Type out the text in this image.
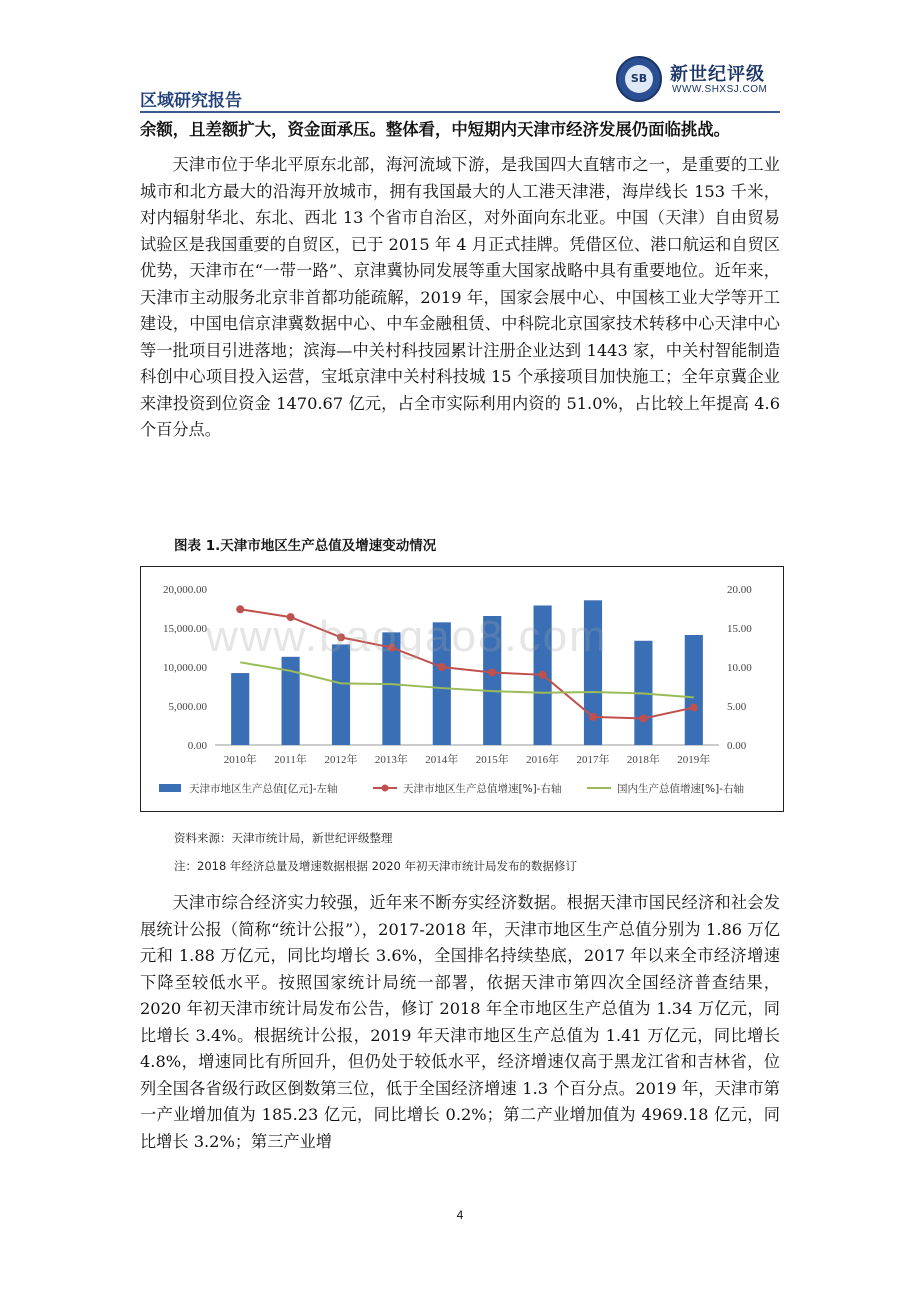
SB	新世纪评级
WWW.SHXSJ.COM
区域研究报告
余额，且差额扩大，资金面承压。整体看，中短期内天津市经济发展仍面临挑战。
天津市位于华北平原东北部，海河流域下游，是我国四大直辖市之一，是重要的工业城市和北方最大的沿海开放城市，拥有我国最大的人工港天津港，海岸线长 153 千米，对内辐射华北、东北、西北 13 个省市自治区，对外面向东北亚。中国（天津）自由贸易试验区是我国重要的自贸区，已于 2015 年 4 月正式挂牌。凭借区位、港口航运和自贸区优势，天津市在“一带一路”、京津冀协同发展等重大国家战略中具有重要地位。近年来，天津市主动服务北京非首都功能疏解，2019 年，国家会展中心、中国核工业大学等开工建设，中国电信京津冀数据中心、中车金融租赁、中科院北京国家技术转移中心天津中心等一批项目引进落地；滨海—中关村科技园累计注册企业达到 1443 家，中关村智能制造科创中心项目投入运营，宝坻京津中关村科技城 15 个承接项目加快施工；全年京冀企业来津投资到位资金 1470.67 亿元，占全市实际利用内资的 51.0%，占比较上年提高 4.6 个百分点。
图表 1.天津市地区生产总值及增速变动情况
0.00
5,000.00
10,000.00
15,000.00
20,000.00
0.00
5.00
10.00
15.00
20.00
2010年 2011年 2012年 2013年 2014年 2015年 2016年 2017年 2018年 2019年
天津市地区生产总值[亿元]-左轴	天津市地区生产总值增速[%]-右轴	国内生产总值增速[%]-右轴
www.baogao8.com
资料来源：天津市统计局，新世纪评级整理
注：2018 年经济总量及增速数据根据 2020 年初天津市统计局发布的数据修订
天津市综合经济实力较强，近年来不断夯实经济数据。根据天津市国民经济和社会发展统计公报（简称“统计公报”），2017-2018 年，天津市地区生产总值分别为 1.86 万亿元和 1.88 万亿元，同比均增长 3.6%，全国排名持续垫底，2017 年以来全市经济增速下降至较低水平。按照国家统计局统一部署，依据天津市第四次全国经济普查结果，2020 年初天津市统计局发布公告，修订 2018 年全市地区生产总值为 1.34 万亿元，同比增长 3.4%。根据统计公报，2019 年天津市地区生产总值为 1.41 万亿元，同比增长 4.8%，增速同比有所回升，但仍处于较低水平，经济增速仅高于黑龙江省和吉林省，位列全国各省级行政区倒数第三位，低于全国经济增速 1.3 个百分点。2019 年，天津市第一产业增加值为 185.23 亿元，同比增长 0.2%；第二产业增加值为 4969.18 亿元，同比增长 3.2%；第三产业增
4
